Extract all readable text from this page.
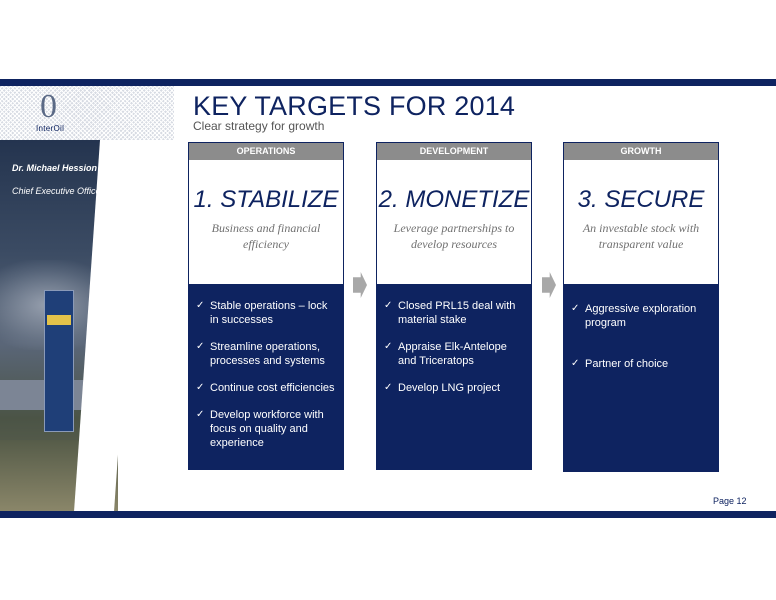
0
InterOil
Dr. Michael Hession
Chief Executive Officer
KEY TARGETS FOR 2014
Clear strategy for growth
OPERATIONS
1. STABILIZE
Business and financial efficiency
✓ Stable operations – lock in successes
✓ Streamline operations, processes and systems
✓ Continue cost efficiencies
✓ Develop workforce with focus on quality and experience
DEVELOPMENT
2. MONETIZE
Leverage partnerships to develop resources
✓ Closed PRL15 deal with material stake
✓ Appraise Elk-Antelope and Triceratops
✓ Develop LNG project
GROWTH
3. SECURE
An investable stock with transparent value
✓ Aggressive exploration program
✓ Partner of choice
Page 12
